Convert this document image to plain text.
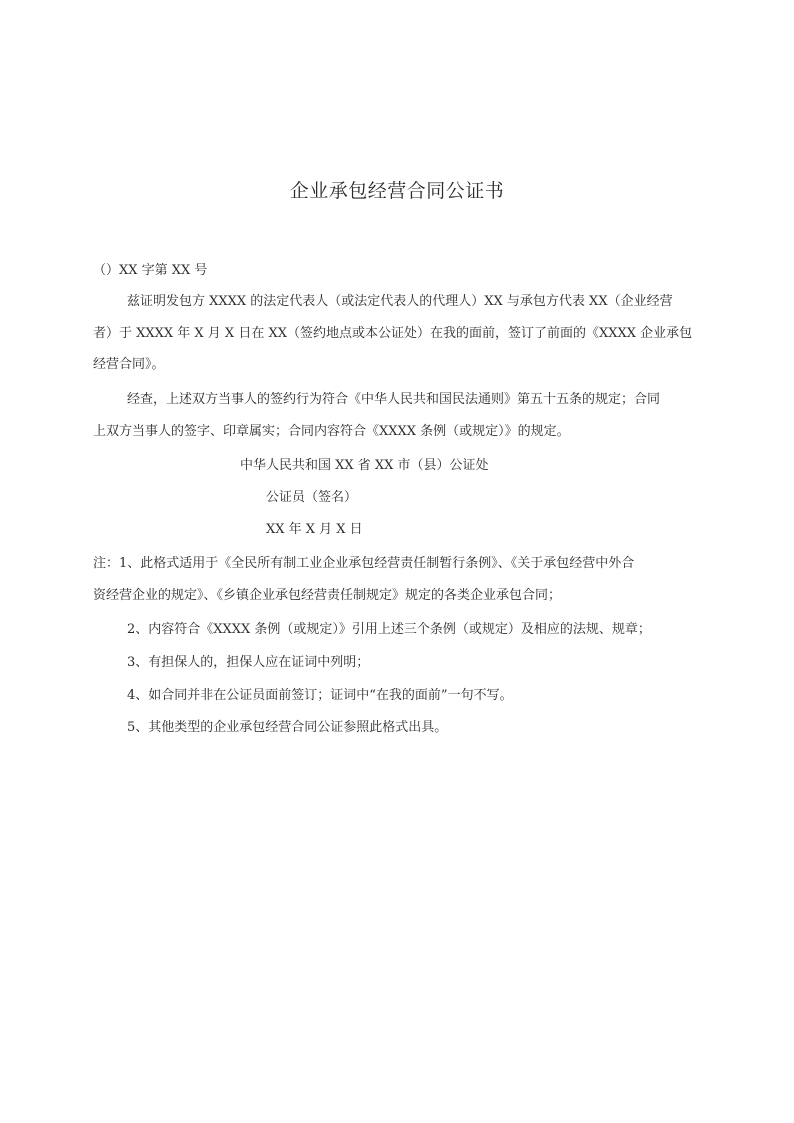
企业承包经营合同公证书
（）XX 字第 XX 号
兹证明发包方 XXXX 的法定代表人（或法定代表人的代理人）XX 与承包方代表 XX（企业经营
者）于 XXXX 年 X 月 X 日在 XX（签约地点或本公证处）在我的面前，签订了前面的《XXXX 企业承包
经营合同》。
经查，上述双方当事人的签约行为符合《中华人民共和国民法通则》第五十五条的规定；合同
上双方当事人的签字、印章属实；合同内容符合《XXXX 条例（或规定）》的规定。
中华人民共和国 XX 省 XX 市（县）公证处
公证员（签名）
XX 年 X 月 X 日
注：1、此格式适用于《全民所有制工业企业承包经营责任制暂行条例》、《关于承包经营中外合
资经营企业的规定》、《乡镇企业承包经营责任制规定》规定的各类企业承包合同；
2、内容符合《XXXX 条例（或规定）》引用上述三个条例（或规定）及相应的法规、规章；
3、有担保人的，担保人应在证词中列明；
4、如合同并非在公证员面前签订；证词中“在我的面前”一句不写。
5、其他类型的企业承包经营合同公证参照此格式出具。
